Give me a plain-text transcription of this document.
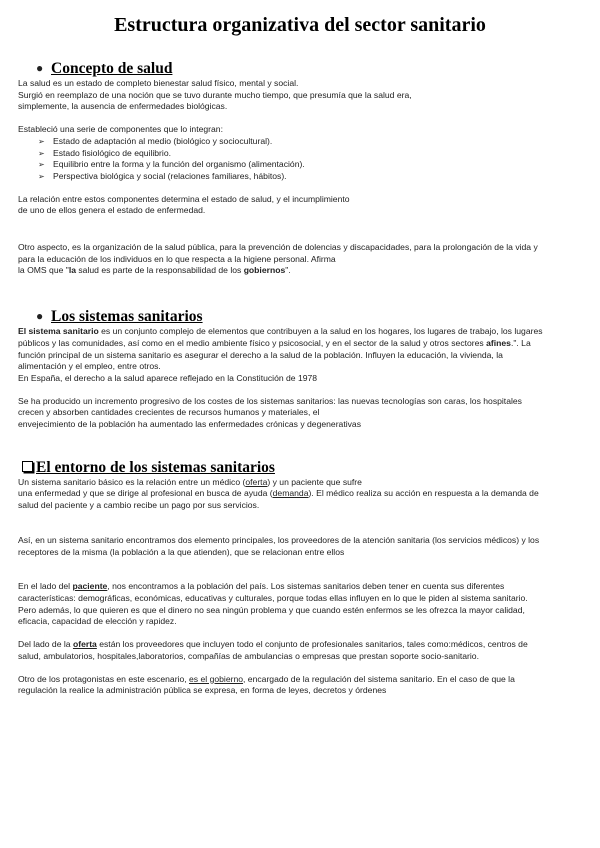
Estructura organizativa del sector sanitario
● Concepto de salud

La salud es un estado de completo bienestar salud físico, mental y social.
Surgió en reemplazo de una noción que se tuvo durante mucho tiempo, que presumía que la salud era,
simplemente, la ausencia de enfermedades biológicas.

Estableció una serie de componentes que lo integran:

➢ Estado de adaptación al medio (biológico y sociocultural).
➢ Estado fisiológico de equilibrio.
➢ Equilibrio entre la forma y la función del organismo (alimentación).
➢ Perspectiva biológica y social (relaciones familiares, hábitos).

La relación entre estos componentes determina el estado de salud, y el incumplimiento
de uno de ellos genera el estado de enfermedad.

Otro aspecto, es la organización de la salud pública, para la prevención de dolencias y discapacidades, para la prolongación de la vida y
para la educación de los individuos en lo que respecta a la higiene personal. Afirma
la OMS que "la salud es parte de la responsabilidad de los gobiernos".

● Los sistemas sanitarios

El sistema sanitario es un conjunto complejo de elementos que contribuyen a la salud en los hogares, los lugares de trabajo, los lugares
públicos y las comunidades, así como en el medio ambiente físico y psicosocial, y en el sector de la salud y otros sectores afines.". La
función principal de un sistema sanitario es asegurar el derecho a la salud de la población. Influyen la educación, la vivienda, la
alimentación y el empleo, entre otros.
En España, el derecho a la salud aparece reflejado en la Constitución de 1978

Se ha producido un incremento progresivo de los costes de los sistemas sanitarios: las nuevas tecnologías son caras, los hospitales
crecen y absorben cantidades crecientes de recursos humanos y materiales, el
envejecimiento de la población ha aumentado las enfermedades crónicas y degenerativas

El entorno de los sistemas sanitarios

Un sistema sanitario básico es la relación entre un médico (oferta) y un paciente que sufre
una enfermedad y que se dirige al profesional en busca de ayuda (demanda). El médico realiza su acción en respuesta a la demanda de
salud del paciente y a cambio recibe un pago por sus servicios.

Así, en un sistema sanitario encontramos dos elemento principales, los proveedores de la atención sanitaria (los servicios médicos) y los
receptores de la misma (la población a la que atienden), que se relacionan entre ellos

En el lado del paciente, nos encontramos a la población del país. Los sistemas sanitarios deben tener en cuenta sus diferentes
características: demográficas, económicas, educativas y culturales, porque todas ellas influyen en lo que le piden al sistema sanitario.
Pero además, lo que quieren es que el dinero no sea ningún problema y que cuando estén enfermos se les ofrezca la mayor calidad,
eficacia, capacidad de elección y rapidez.

Del lado de la oferta están los proveedores que incluyen todo el conjunto de profesionales sanitarios, tales como:médicos, centros de
salud, ambulatorios, hospitales,laboratorios, compañías de ambulancias o empresas que prestan soporte socio-sanitario.

Otro de los protagonistas en este escenario, es el gobierno, encargado de la regulación del sistema sanitario. En el caso de que la
regulación la realice la administración pública se expresa, en forma de leyes, decretos y órdenes
